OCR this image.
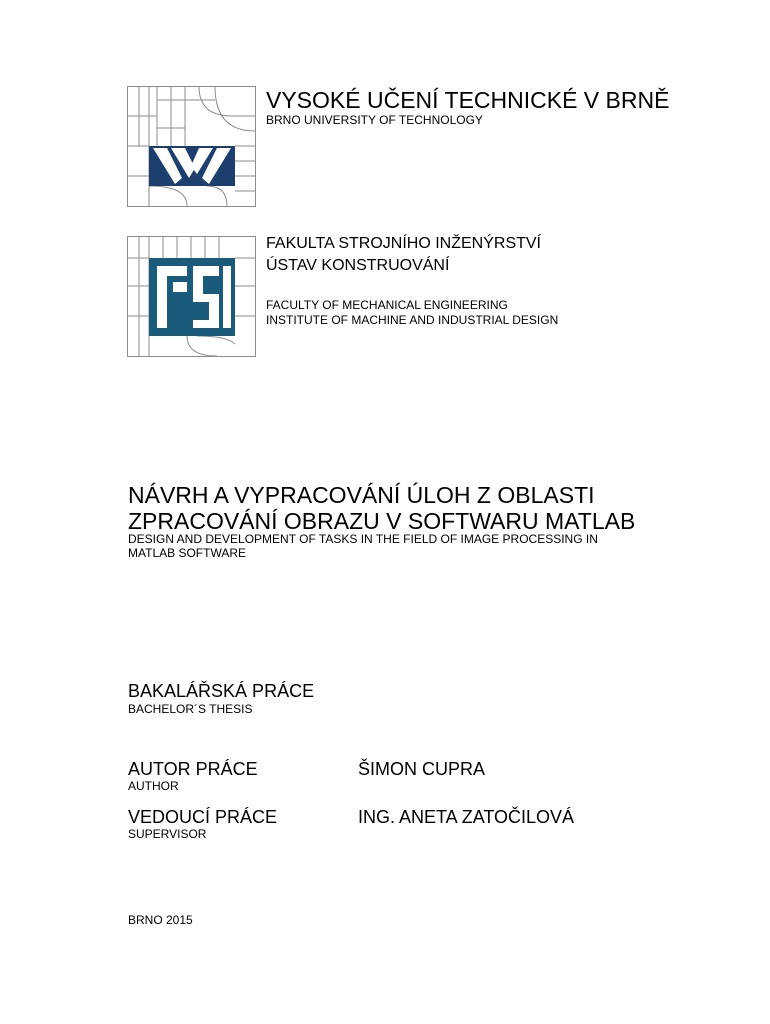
VYSOKÉ UČENÍ TECHNICKÉ V BRNĚ
BRNO UNIVERSITY OF TECHNOLOGY
FAKULTA STROJNÍHO INŽENÝRSTVÍ
ÚSTAV KONSTRUOVÁNÍ
FACULTY OF MECHANICAL ENGINEERING
INSTITUTE OF MACHINE AND INDUSTRIAL DESIGN
NÁVRH A VYPRACOVÁNÍ ÚLOH Z OBLASTI
ZPRACOVÁNÍ OBRAZU V SOFTWARU MATLAB
DESIGN AND DEVELOPMENT OF TASKS IN THE FIELD OF IMAGE PROCESSING IN
MATLAB SOFTWARE
BAKALÁŘSKÁ PRÁCE
BACHELOR´S THESIS
AUTOR PRÁCE	ŠIMON CUPRA
AUTHOR
VEDOUCÍ PRÁCE	ING. ANETA ZATOČILOVÁ
SUPERVISOR
BRNO 2015
